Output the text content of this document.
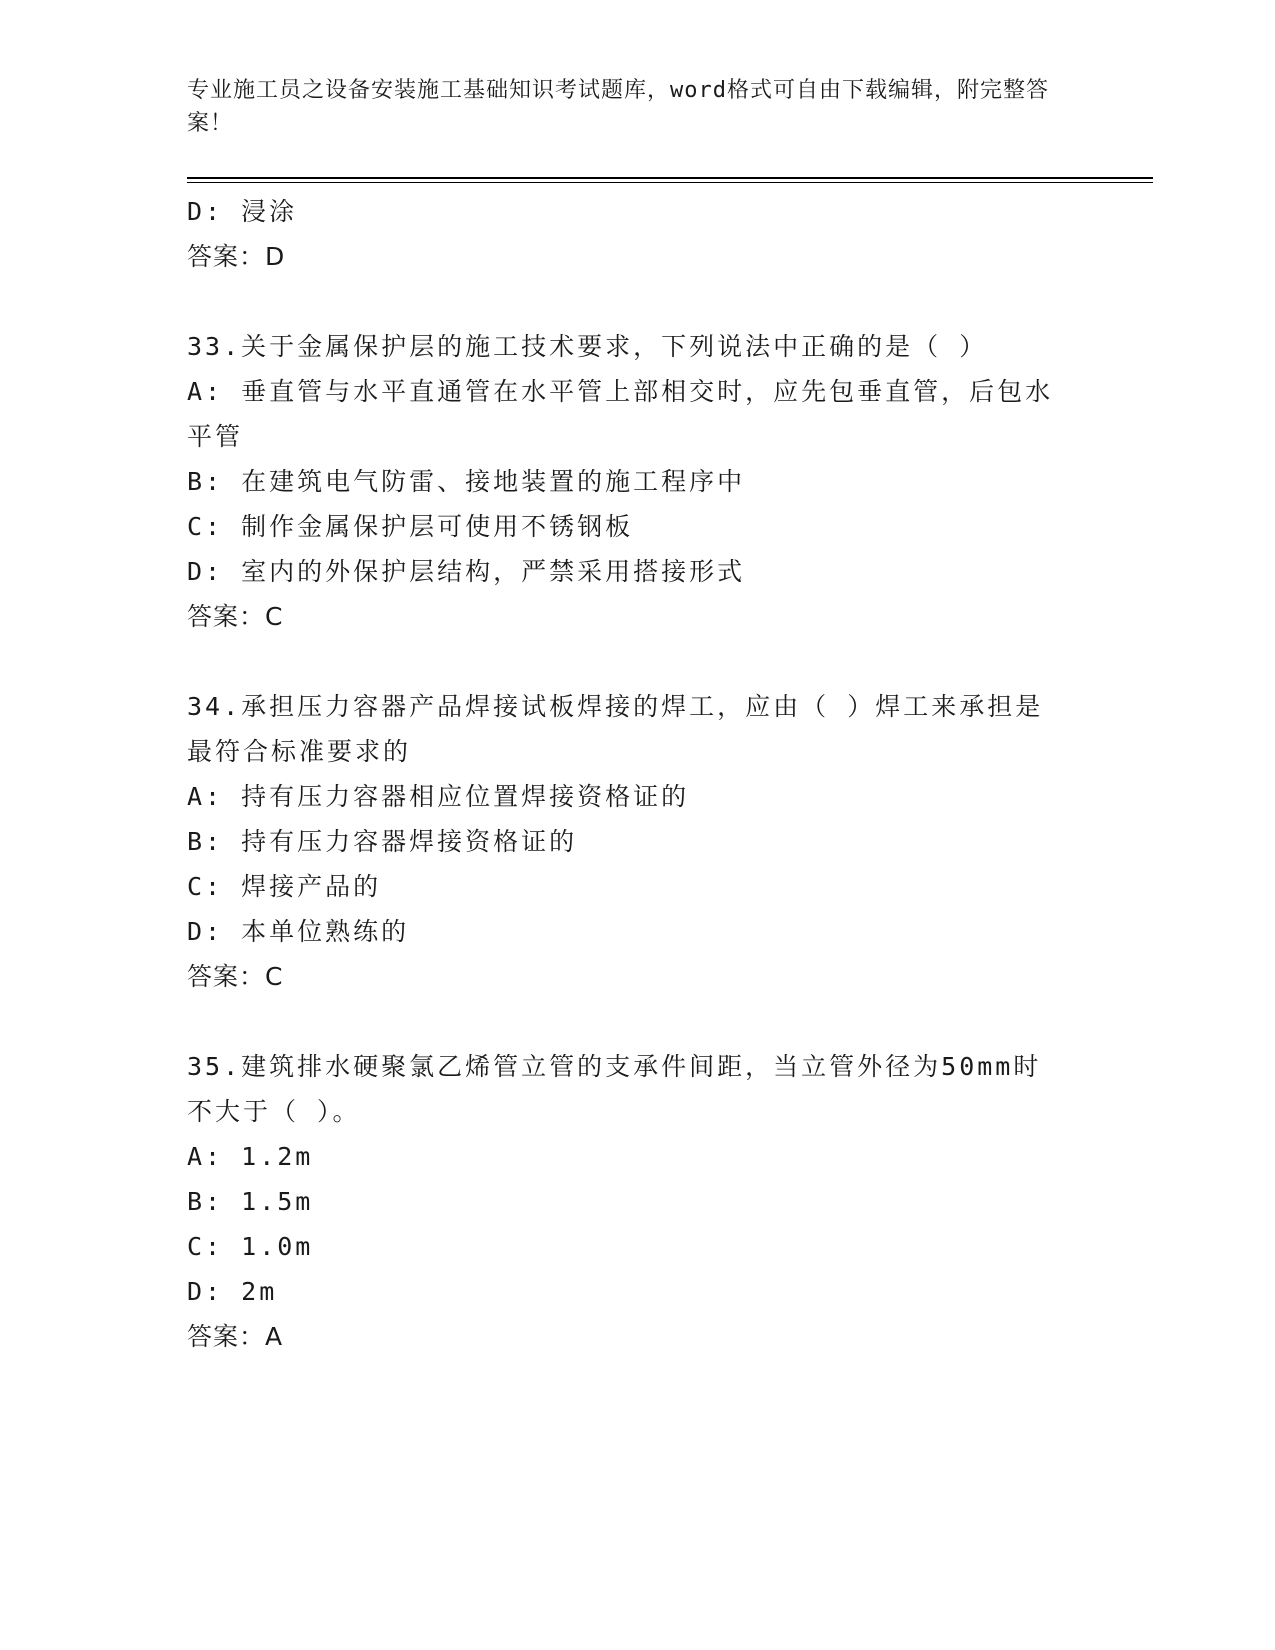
专业施工员之设备安装施工基础知识考试题库，word格式可自由下载编辑，附完整答案！
D: 浸涂
答案：D
33.关于金属保护层的施工技术要求，下列说法中正确的是（ ）
A: 垂直管与水平直通管在水平管上部相交时，应先包垂直管，后包水平管
B: 在建筑电气防雷、接地装置的施工程序中
C: 制作金属保护层可使用不锈钢板
D: 室内的外保护层结构，严禁采用搭接形式
答案：C
34.承担压力容器产品焊接试板焊接的焊工，应由（ ）焊工来承担是最符合标准要求的
A: 持有压力容器相应位置焊接资格证的
B: 持有压力容器焊接资格证的
C: 焊接产品的
D: 本单位熟练的
答案：C
35.建筑排水硬聚氯乙烯管立管的支承件间距，当立管外径为50mm时不大于（ ）。
A: 1.2m
B: 1.5m
C: 1.0m
D: 2m
答案：A
